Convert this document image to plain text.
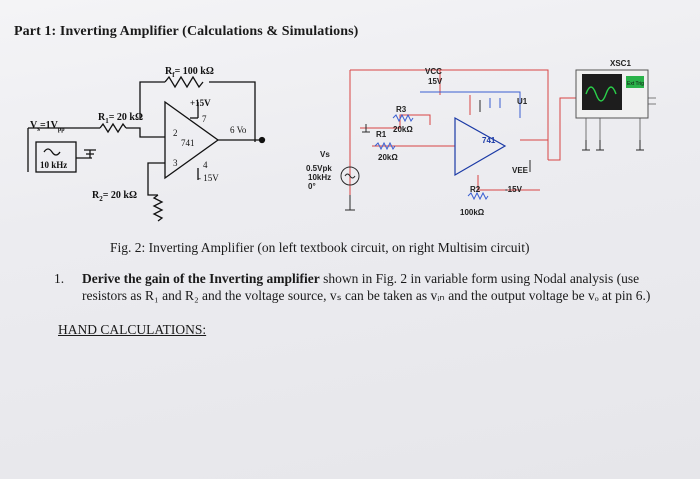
Part 1: Inverting Amplifier (Calculations & Simulations)
$R_f= 100$ kΩ
+15V
$V_s=1V_{pp}$
$R_1= 20$ kΩ
10 kHz
741
7
2
3
6 Vo
4
- 15V
$R_2= 20$ kΩ
Ext Trig
VCC
15V
R3
20kΩ
R1
20kΩ
Vs
0.5Vpk
10kHz
0°
U1
741
VEE
-15V
R2
100kΩ
XSC1
Fig. 2: Inverting Amplifier (on left textbook circuit, on right Multisim circuit)
1. Derive the gain of the Inverting amplifier shown in Fig. 2 in variable form using Nodal analysis (use resistors as R₁ and R₂ and the voltage source, vₛ can be taken as vᵢₙ and the output voltage be vₒ at pin 6.)
HAND CALCULATIONS:
